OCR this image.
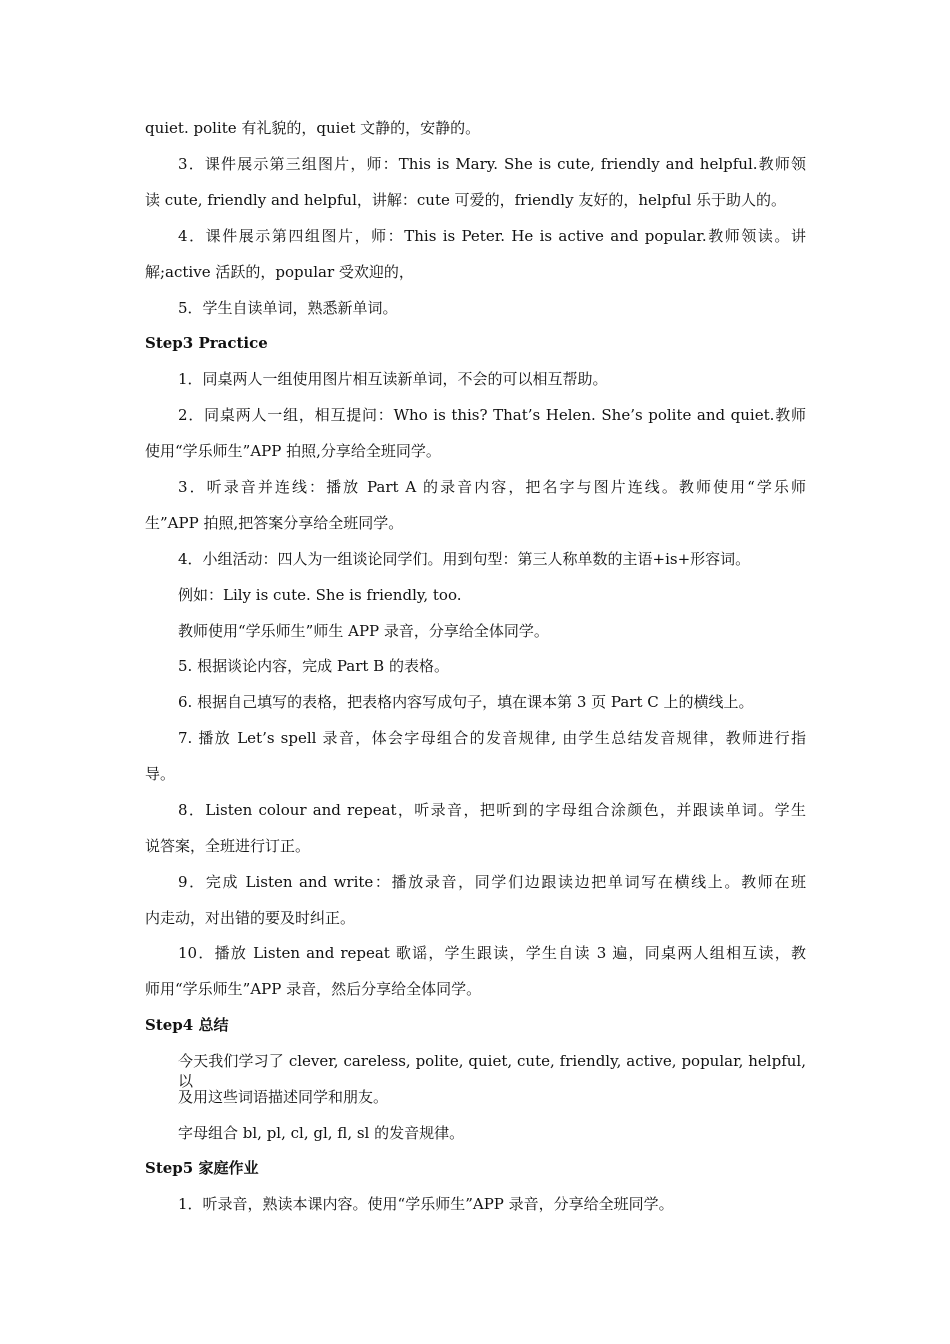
quiet. polite 有礼貌的，quiet 文静的，安静的。
3．课件展示第三组图片，师：This is Mary. She is cute, friendly and helpful.教师领
读 cute, friendly and helpful，讲解：cute 可爱的，friendly 友好的，helpful 乐于助人的。
4．课件展示第四组图片，师：This is Peter. He is active and popular.教师领读。讲
解;active 活跃的，popular 受欢迎的，
5．学生自读单词，熟悉新单词。
Step3 Practice
1．同桌两人一组使用图片相互读新单词，不会的可以相互帮助。
2．同桌两人一组，相互提问：Who is this? That’s Helen. She’s polite and quiet.教师
使用“学乐师生”APP 拍照,分享给全班同学。
3．听录音并连线：播放 Part A 的录音内容，把名字与图片连线。教师使用“学乐师
生”APP 拍照,把答案分享给全班同学。
4．小组活动：四人为一组谈论同学们。用到句型：第三人称单数的主语+is+形容词。
例如：Lily is cute. She is friendly, too.
教师使用“学乐师生”师生 APP 录音，分享给全体同学。
5. 根据谈论内容，完成 Part B 的表格。
6. 根据自己填写的表格，把表格内容写成句子，填在课本第 3 页 Part C 上的横线上。
7. 播放 Let’s spell 录音，体会字母组合的发音规律, 由学生总结发音规律，教师进行指
导。
8．Listen colour and repeat，听录音，把听到的字母组合涂颜色，并跟读单词。学生
说答案，全班进行订正。
9．完成 Listen and write：播放录音，同学们边跟读边把单词写在横线上。教师在班
内走动，对出错的要及时纠正。
10．播放 Listen and repeat 歌谣，学生跟读，学生自读 3 遍，同桌两人组相互读，教
师用“学乐师生”APP 录音，然后分享给全体同学。
Step4 总结
今天我们学习了 clever, careless, polite, quiet, cute, friendly, active, popular, helpful,以
及用这些词语描述同学和朋友。
字母组合 bl, pl, cl, gl, fl, sl 的发音规律。
Step5 家庭作业
1．听录音，熟读本课内容。使用“学乐师生”APP 录音，分享给全班同学。
